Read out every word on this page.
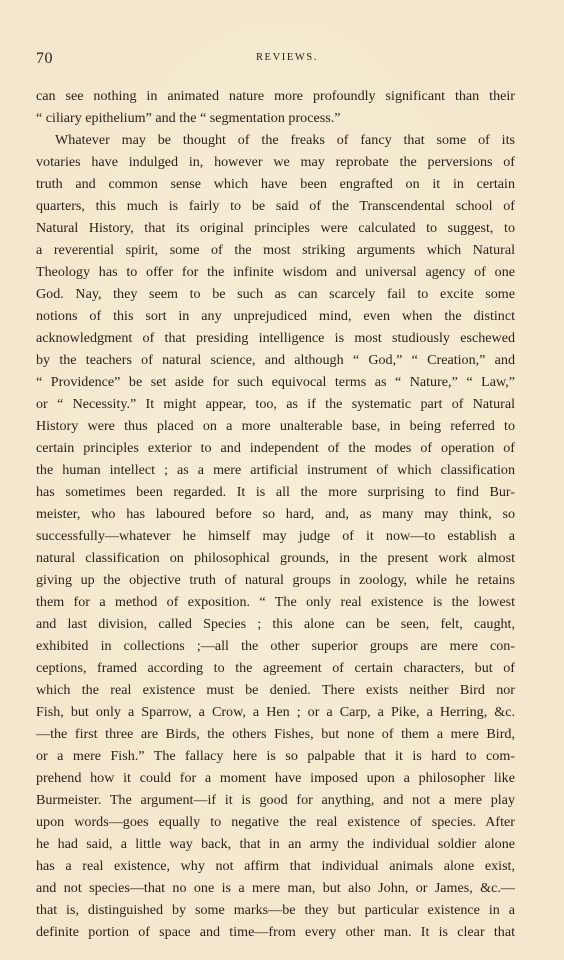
70	REVIEWS.
can see nothing in animated nature more profoundly significant than their
“ ciliary epithelium” and the “ segmentation process.”
Whatever may be thought of the freaks of fancy that some of its
votaries have indulged in, however we may reprobate the perversions of
truth and common sense which have been engrafted on it in certain
quarters, this much is fairly to be said of the Transcendental school of
Natural History, that its original principles were calculated to suggest, to
a reverential spirit, some of the most striking arguments which Natural
Theology has to offer for the infinite wisdom and universal agency of one
God. Nay, they seem to be such as can scarcely fail to excite some
notions of this sort in any unprejudiced mind, even when the distinct
acknowledgment of that presiding intelligence is most studiously eschewed
by the teachers of natural science, and although “ God,” “ Creation,” and
“ Providence” be set aside for such equivocal terms as “ Nature,” “ Law,”
or “ Necessity.” It might appear, too, as if the systematic part of Natural
History were thus placed on a more unalterable base, in being referred to
certain principles exterior to and independent of the modes of operation of
the human intellect ; as a mere artificial instrument of which classification
has sometimes been regarded. It is all the more surprising to find Bur-
meister, who has laboured before so hard, and, as many may think, so
successfully—whatever he himself may judge of it now—to establish a
natural classification on philosophical grounds, in the present work almost
giving up the objective truth of natural groups in zoology, while he retains
them for a method of exposition. “ The only real existence is the lowest
and last division, called Species ; this alone can be seen, felt, caught,
exhibited in collections ;—all the other superior groups are mere con-
ceptions, framed according to the agreement of certain characters, but of
which the real existence must be denied. There exists neither Bird nor
Fish, but only a Sparrow, a Crow, a Hen ; or a Carp, a Pike, a Herring, &c.
—the first three are Birds, the others Fishes, but none of them a mere Bird,
or a mere Fish.” The fallacy here is so palpable that it is hard to com-
prehend how it could for a moment have imposed upon a philosopher like
Burmeister. The argument—if it is good for anything, and not a mere play
upon words—goes equally to negative the real existence of species. After
he had said, a little way back, that in an army the individual soldier alone
has a real existence, why not affirm that individual animals alone exist,
and not species—that no one is a mere man, but also John, or James, &c.—
that is, distinguished by some marks—be they but particular existence in a
definite portion of space and time—from every other man. It is clear that
